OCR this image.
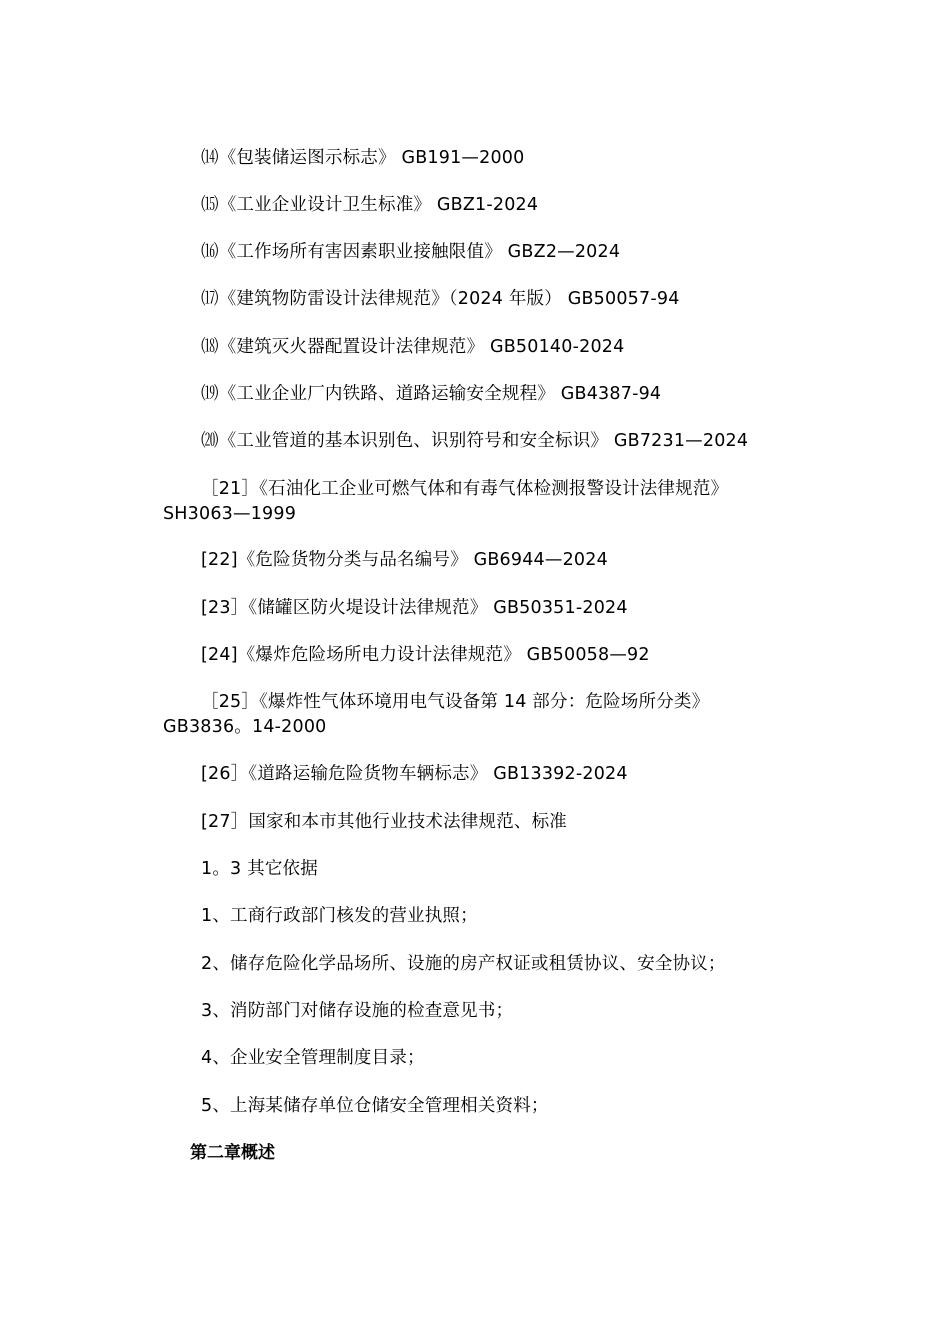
⒁《包装储运图示标志》 GB191—2000
⒂《工业企业设计卫生标准》 GBZ1-2024
⒃《工作场所有害因素职业接触限值》 GBZ2—2024
⒄《建筑物防雷设计法律规范》（2024 年版） GB50057-94
⒅《建筑灭火器配置设计法律规范》 GB50140-2024
⒆《工业企业厂内铁路、道路运输安全规程》 GB4387-94
⒇《工业管道的基本识别色、识别符号和安全标识》 GB7231—2024
［21］《石油化工企业可燃气体和有毒气体检测报警设计法律规范》
SH3063—1999
[22]《危险货物分类与品名编号》 GB6944—2024
[23］《储罐区防火堤设计法律规范》 GB50351-2024
[24]《爆炸危险场所电力设计法律规范》 GB50058—92
［25］《爆炸性气体环境用电气设备第 14 部分：危险场所分类》
GB3836。14-2000
[26］《道路运输危险货物车辆标志》 GB13392-2024
[27］国家和本市其他行业技术法律规范、标准
1。3 其它依据
1、工商行政部门核发的营业执照；
2、储存危险化学品场所、设施的房产权证或租赁协议、安全协议；
3、消防部门对储存设施的检查意见书；
4、企业安全管理制度目录；
5、上海某储存单位仓储安全管理相关资料；
第二章概述
